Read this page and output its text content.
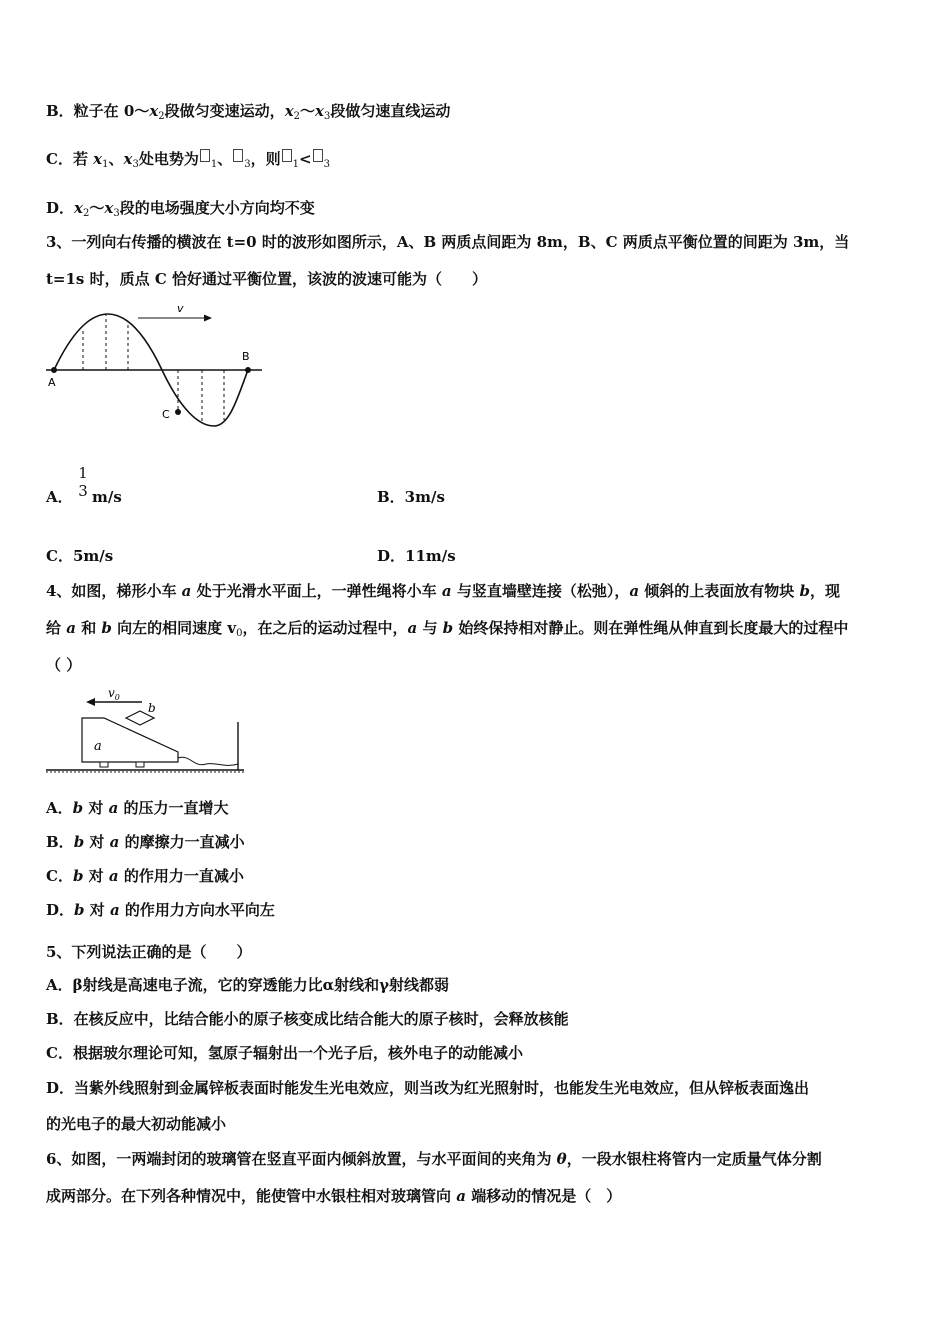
B．粒子在 $0\sim x_2$段做匀变速运动，$x_2\sim x_3$段做匀速直线运动
C．若 $x_1$、$x_3$处电势为 $_1$、 $_3$，则 $_1$< $_3$
D．$x_2\sim x_3$段的电场强度大小方向均不变
3、一列向右传播的横波在 t=0 时的波形如图所示，A、B 两质点间距为 8m，B、C 两质点平衡位置的间距为 3m，当
t=1s 时，质点 C 恰好通过平衡位置，该波的波速可能为（　　）
v
A
B
C
A．
1
3 m/s	B．3m/s
C．5m/s	D．11m/s
4、如图，梯形小车 a 处于光滑水平面上，一弹性绳将小车 a 与竖直墙壁连接（松弛），a 倾斜的上表面放有物块 b，现
给 a 和 b 向左的相同速度 $v_0$，在之后的运动过程中，a 与 b 始终保持相对静止。则在弹性绳从伸直到长度最大的过程中
（ ）
$v_0$
a
b
A．b 对 a 的压力一直增大
B．b 对 a 的摩擦力一直减小
C．b 对 a 的作用力一直减小
D．b 对 a 的作用力方向水平向左
5、下列说法正确的是（　　）
A．β射线是高速电子流，它的穿透能力比α射线和γ射线都弱
B．在核反应中，比结合能小的原子核变成比结合能大的原子核时，会释放核能
C．根据玻尔理论可知，氢原子辐射出一个光子后，核外电子的动能减小
D．当紫外线照射到金属锌板表面时能发生光电效应，则当改为红光照射时，也能发生光电效应，但从锌板表面逸出
的光电子的最大初动能减小
6、如图，一两端封闭的玻璃管在竖直平面内倾斜放置，与水平面间的夹角为 θ，一段水银柱将管内一定质量气体分割
成两部分。在下列各种情况中，能使管中水银柱相对玻璃管向 a 端移动的情况是（　）
